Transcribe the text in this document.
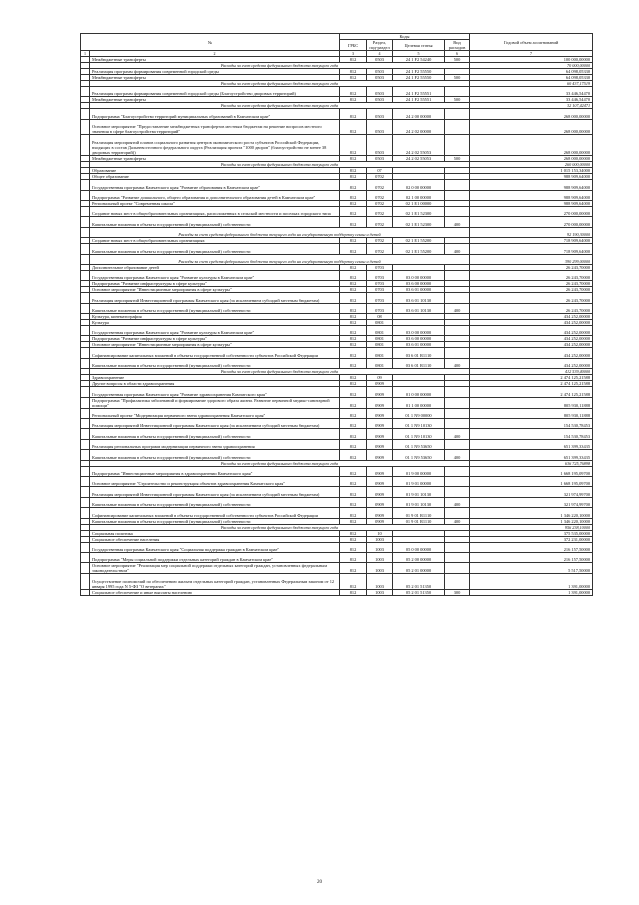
№		Коды				Годовой объем ассигнований
		ГРБС	Раздел, под-раздел	Целевая статья	Вид расходов	
1	2	3	4	5	6	7
	Межбюджетные трансферты	812	0503	24 1 F2 54240	500	100 000,00000
	Расходы за счет средств федерального бюджета текущего года					70 000,00000
	Реализация программ формирования современной городской среды	812	0503	24 1 F2 55550		64 098,05330
	Межбюджетные трансферты	812	0503	24 1 F2 55550	500	64 098,05330
	Расходы за счет средств федерального бюджета текущего года					60 437,17519
	Реализация программ формирования современной городской среды (Благоустройство дворовых территорий)	812	0503	24 1 F2 55551		33 446,54470
	Межбюджетные трансферты	812	0503	24 1 F2 55551	500	33 446,54470
	Расходы за счет средств федерального бюджета текущего года					32 107,42471
	Подпрограмма "Благоустройство территорий муниципальных образований в Камчатском крае"	812	0503	24 2 00 00000		268 000,00000
	Основное мероприятие "Предоставление межбюджетных трансфертов местным бюджетам на решение вопросов местного значения в сфере благоустройства территорий"	812	0503	24 2 02 00000		268 000,00000
	Реализация мероприятий планов социального развития центров экономического роста субъектов Российской Федерации, входящих в состав Дальневосточного федерального округа (Реализация проекта "1000 дворов" (благоустройство не менее 38 дворовых территорий))	812	0503	24 2 02 55053		268 000,00000
	Межбюджетные трансферты	812	0503	24 2 02 55053	500	268 000,00000
	Расходы за счет средств федерального бюджета текущего года					260 000,00000
	Образование	812	07			1 015 153,34000
	Общее образование	812	0702			988 909,64000
	Государственная программа Камчатского края "Развитие образования в Камчатском крае"	812	0702	02 0 00 00000		988 909,64000
	Подпрограмма "Развитие дошкольного, общего образования и дополнительного образования детей в Камчатском крае"	812	0702	02 1 00 00000		988 909,64000
	Региональный проект "Современная школа"	812	0702	02 1 E1 00000		988 909,64000
	Создание новых мест в общеобразовательных организациях, расположенных в сельской местности и поселках городского типа	812	0702	02 1 E1 52300		270 000,00000
	Капитальные вложения в объекты государственной (муниципальной) собственности	812	0702	02 1 E1 52300	400	270 000,00000
	Расходы за счет средств федерального бюджета текущего года на государственную поддержку семьи и детей					92 190,30000
	Создание новых мест в общеобразовательных организациях	812	0702	02 1 E1 55200		718 909,64000
	Капитальные вложения в объекты государственной (муниципальной) собственности	812	0702	02 1 E1 55200	400	718 909,64000
	Расходы за счет средств федерального бюджета текущего года на государственную поддержку семьи и детей					390 299,00000
	Дополнительное образование детей	812	0703			26 243,70000
	Государственная программа Камчатского края "Развитие культуры в Камчатском крае"	812	0703	03 0 00 00000		26 243,70000
	Подпрограмма "Развитие инфраструктуры в сфере культуры"	812	0703	03 6 00 00000		26 243,70000
	Основное мероприятие "Инвестиционные мероприятия в сфере культуры"	812	0703	03 6 01 00000		26 243,70000
	Реализация мероприятий Инвестиционной программы Камчатского края (за исключением субсидий местным бюджетам)	812	0703	03 6 01 10130		26 243,70000
	Капитальные вложения в объекты государственной (муниципальной) собственности	812	0703	03 6 01 10130	400	26 243,70000
	Культура, кинематография	812	08			434 252,00000
	Культура	812	0801			434 252,00000
	Государственная программа Камчатского края "Развитие культуры в Камчатском крае"	812	0801	03 0 00 00000		434 252,00000
	Подпрограмма "Развитие инфраструктуры в сфере культуры"	812	0801	03 6 00 00000		434 252,00000
	Основное мероприятие "Инвестиционные мероприятия в сфере культуры"	812	0801	03 6 01 00000		434 252,00000
	Софинансирование капитальных вложений в объекты государственной собственности субъектов Российской Федерации	812	0801	03 6 01 R1110		434 252,00000
	Капитальные вложения в объекты государственной (муниципальной) собственности	812	0801	03 6 01 R1110	400	434 252,00000
	Расходы за счет средств федерального бюджета текущего года					412 539,40000
	Здравоохранение	812	09			2 474 125,21588
	Другие вопросы в области здравоохранения	812	0909			2 474 125,21588
	Государственная программа Камчатского края "Развитие здравоохранения Камчатского края"	812	0909	01 0 00 00000		2 474 125,21588
	Подпрограмма "Профилактика заболеваний и формирование здорового образа жизни. Развитие первичной медико-санитарной помощи"	812	0909	01 1 00 00000		805 930,11888
	Региональный проект "Модернизация первичного звена здравоохранения Камчатского края"	812	0909	01 1 N9 00000		805 930,11888
	Реализация мероприятий Инвестиционной программы Камчатского края (за исключением субсидий местным бюджетам)	812	0909	01 1 N9 10130		154 530,78453
	Капитальные вложения в объекты государственной (муниципальной) собственности	812	0909	01 1 N9 10130	400	154 530,78453
	Реализация региональных программ модернизации первичного звена здравоохранения	812	0909	01 1 N9 53650		651 399,33435
	Капитальные вложения в объекты государственной (муниципальной) собственности	812	0909	01 1 N9 53650	400	651 399,33435
	Расходы за счет средств федерального бюджета текущего года					636 725,76898
	Подпрограмма "Инвестиционные мероприятия в здравоохранении Камчатского края"	812	0909	01 9 00 00000		1 668 195,09700
	Основное мероприятие "Строительство и реконструкция объектов здравоохранения Камчатского края"	812	0909	01 9 01 00000		1 668 195,09700
	Реализация мероприятий Инвестиционной программы Камчатского края (за исключением субсидий местным бюджетам)	812	0909	01 9 01 10130		321 974,99700
	Капитальные вложения в объекты государственной (муниципальной) собственности	812	0909	01 9 01 10130	400	321 974,99700
	Софинансирование капитальных вложений в объекты государственной собственности субъектов Российской Федерации	812	0909	01 9 01 R1110		1 346 220,10000
	Капитальные вложения в объекты государственной (муниципальной) собственности	812	0909	01 9 01 R1110	400	1 346 220,10000
	Расходы за счет средств федерального бюджета текущего года					956 238,10000
	Социальная политика	812	10			375 535,00000
	Социальное обеспечение населения	812	1003			372 231,00000
	Государственная программа Камчатского края "Социальная поддержка граждан в Камчатском крае"	812	1003	05 0 00 00000		216 157,50000
	Подпрограмма "Меры социальной поддержки отдельных категорий граждан в Камчатском крае"	812	1003	05 2 00 00000		216 157,50000
	Основное мероприятие "Реализация мер социальной поддержки отдельных категорий граждан, установленных федеральным законодательством"	812	1003	05 2 01 00000		5 517,50000
	Осуществление полномочий по обеспечению жильем отдельных категорий граждан, установленных Федеральным законом от 12 января 1995 года N 5-ФЗ "О ветеранах"	812	1003	05 2 01 51350		1 391,00000
	Социальное обеспечение и иные выплаты населению	812	1003	05 2 01 51350	300	1 391,00000
20
